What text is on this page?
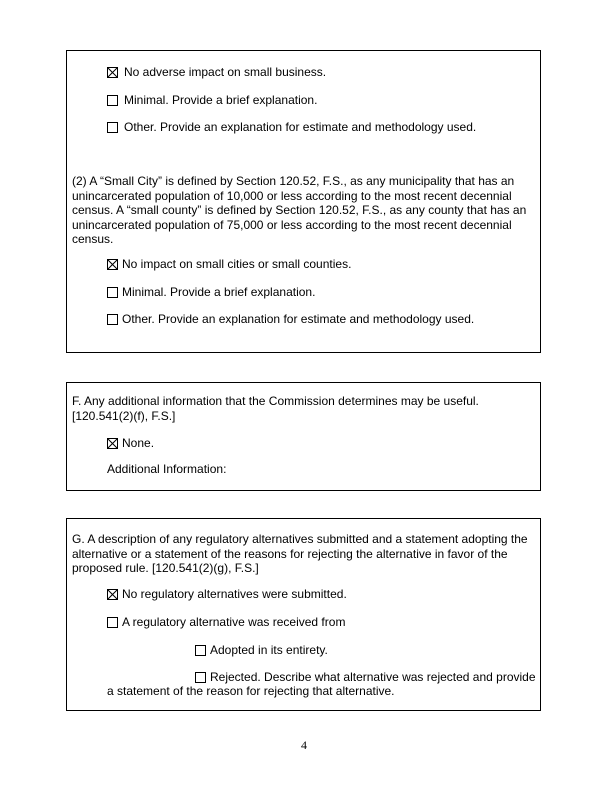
No adverse impact on small business.
Minimal. Provide a brief explanation.
Other. Provide an explanation for estimate and methodology used.
(2) A “Small City” is defined by Section 120.52, F.S., as any municipality that has an
unincarcerated population of 10,000 or less according to the most recent decennial
census. A “small county” is defined by Section 120.52, F.S., as any county that has an
unincarcerated population of 75,000 or less according to the most recent decennial
census.
No impact on small cities or small counties.
Minimal. Provide a brief explanation.
Other. Provide an explanation for estimate and methodology used.
F. Any additional information that the Commission determines may be useful.
[120.541(2)(f), F.S.]
None.
Additional Information:
G. A description of any regulatory alternatives submitted and a statement adopting the
alternative or a statement of the reasons for rejecting the alternative in favor of the
proposed rule. [120.541(2)(g), F.S.]
No regulatory alternatives were submitted.
A regulatory alternative was received from
Adopted in its entirety.
Rejected. Describe what alternative was rejected and provide
a statement of the reason for rejecting that alternative.
4
